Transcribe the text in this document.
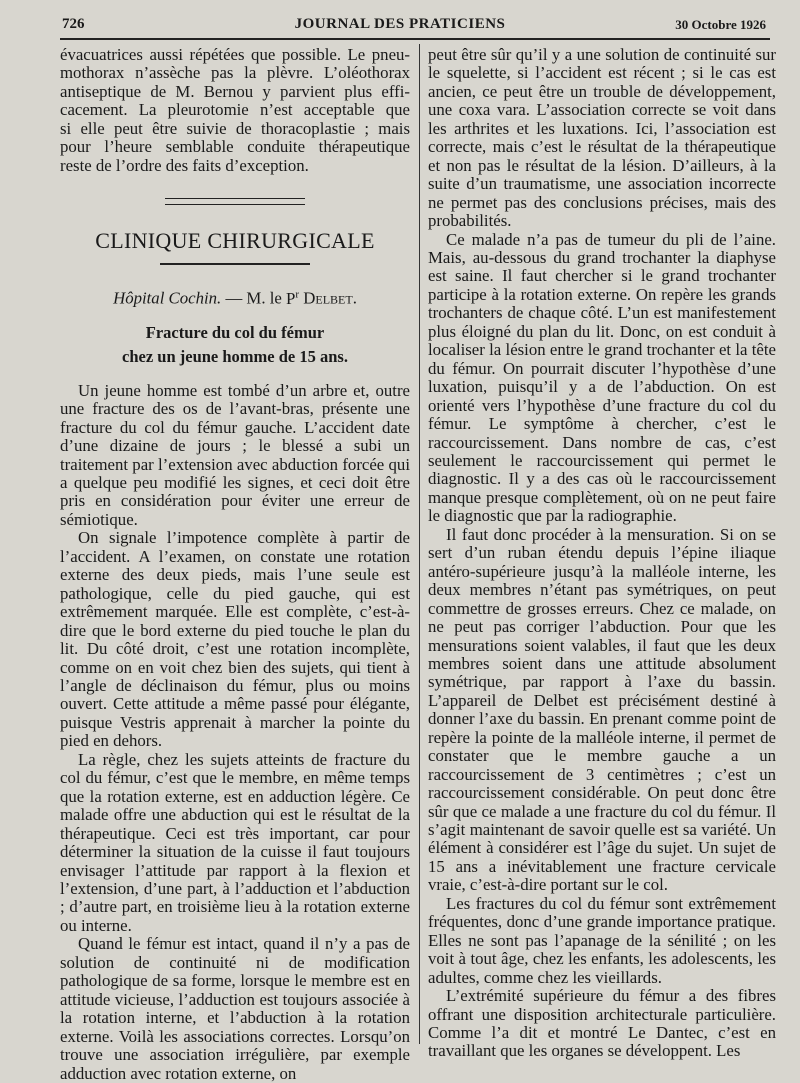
726	JOURNAL DES PRATICIENS	30 Octobre 1926

évacuatrices aussi répétées que possible. Le pneu-
mothorax n’assèche pas la plèvre. L’oléothorax
antiseptique de M. Bernou y parvient plus effi-
cacement. La pleurotomie n’est acceptable que
si elle peut être suivie de thoracoplastie ; mais
pour l’heure semblable conduite thérapeutique
reste de l’ordre des faits d’exception.

CLINIQUE CHIRURGICALE
Hôpital Cochin. — M. le $P^r$ Delbet.
Fracture du col du fémur
chez un jeune homme de 15 ans.

Un jeune homme est tombé d’un arbre et, outre une fracture des os de l’avant-bras, présente une fracture du col du fémur gauche. L’accident date d’une dizaine de jours ; le blessé a subi un traitement par l’extension avec abduction forcée qui a quelque peu modifié les signes, et ceci doit être pris en considération pour éviter une erreur de sémiotique.

On signale l’impotence complète à partir de l’accident. A l’examen, on constate une rotation externe des deux pieds, mais l’une seule est pathologique, celle du pied gauche, qui est extrêmement marquée. Elle est complète, c’est-à-dire que le bord externe du pied touche le plan du lit. Du côté droit, c’est une rotation incomplète, comme on en voit chez bien des sujets, qui tient à l’angle de déclinaison du fémur, plus ou moins ouvert. Cette attitude a même passé pour élégante, puisque Vestris apprenait à marcher la pointe du pied en dehors.

La règle, chez les sujets atteints de fracture du col du fémur, c’est que le membre, en même temps que la rotation externe, est en adduction légère. Ce malade offre une abduction qui est le résultat de la thérapeutique. Ceci est très important, car pour déterminer la situation de la cuisse il faut toujours envisager l’attitude par rapport à la flexion et l’extension, d’une part, à l’adduction et l’abduction ; d’autre part, en troisième lieu à la rotation externe ou interne.

Quand le fémur est intact, quand il n’y a pas de solution de continuité ni de modification pathologique de sa forme, lorsque le membre est en attitude vicieuse, l’adduction est toujours associée à la rotation interne, et l’abduction à la rotation externe. Voilà les associations correctes. Lorsqu’on trouve une association irrégulière, par exemple adduction avec rotation externe, on

peut être sûr qu’il y a une solution de continuité sur le squelette, si l’accident est récent ; si le cas est ancien, ce peut être un trouble de développement, une coxa vara. L’association correcte se voit dans les arthrites et les luxations. Ici, l’association est correcte, mais c’est le résultat de la thérapeutique et non pas le résultat de la lésion. D’ailleurs, à la suite d’un traumatisme, une association incorrecte ne permet pas des conclusions précises, mais des probabilités.

Ce malade n’a pas de tumeur du pli de l’aine. Mais, au-dessous du grand trochanter la diaphyse est saine. Il faut chercher si le grand trochanter participe à la rotation externe. On repère les grands trochanters de chaque côté. L’un est manifestement plus éloigné du plan du lit. Donc, on est conduit à localiser la lésion entre le grand trochanter et la tête du fémur. On pourrait discuter l’hypothèse d’une luxation, puisqu’il y a de l’abduction. On est orienté vers l’hypothèse d’une fracture du col du fémur. Le symptôme à chercher, c’est le raccourcissement. Dans nombre de cas, c’est seulement le raccourcissement qui permet le diagnostic. Il y a des cas où le raccourcissement manque presque complètement, où on ne peut faire le diagnostic que par la radiographie.

Il faut donc procéder à la mensuration. Si on se sert d’un ruban étendu depuis l’épine iliaque antéro-supérieure jusqu’à la malléole interne, les deux membres n’étant pas symétriques, on peut commettre de grosses erreurs. Chez ce malade, on ne peut pas corriger l’abduction. Pour que les mensurations soient valables, il faut que les deux membres soient dans une attitude absolument symétrique, par rapport à l’axe du bassin. L’appareil de Delbet est précisément destiné à donner l’axe du bassin. En prenant comme point de repère la pointe de la malléole interne, il permet de constater que le membre gauche a un raccourcissement de 3 centimètres ; c’est un raccourcissement considérable. On peut donc être sûr que ce malade a une fracture du col du fémur. Il s’agit maintenant de savoir quelle est sa variété. Un élément à considérer est l’âge du sujet. Un sujet de 15 ans a inévitablement une fracture cervicale vraie, c’est-à-dire portant sur le col.

Les fractures du col du fémur sont extrêmement fréquentes, donc d’une grande importance pratique. Elles ne sont pas l’apanage de la sénilité ; on les voit à tout âge, chez les enfants, les adolescents, les adultes, comme chez les vieillards.

L’extrémité supérieure du fémur a des fibres offrant une disposition architecturale particulière. Comme l’a dit et montré Le Dantec, c’est en travaillant que les organes se développent. Les
